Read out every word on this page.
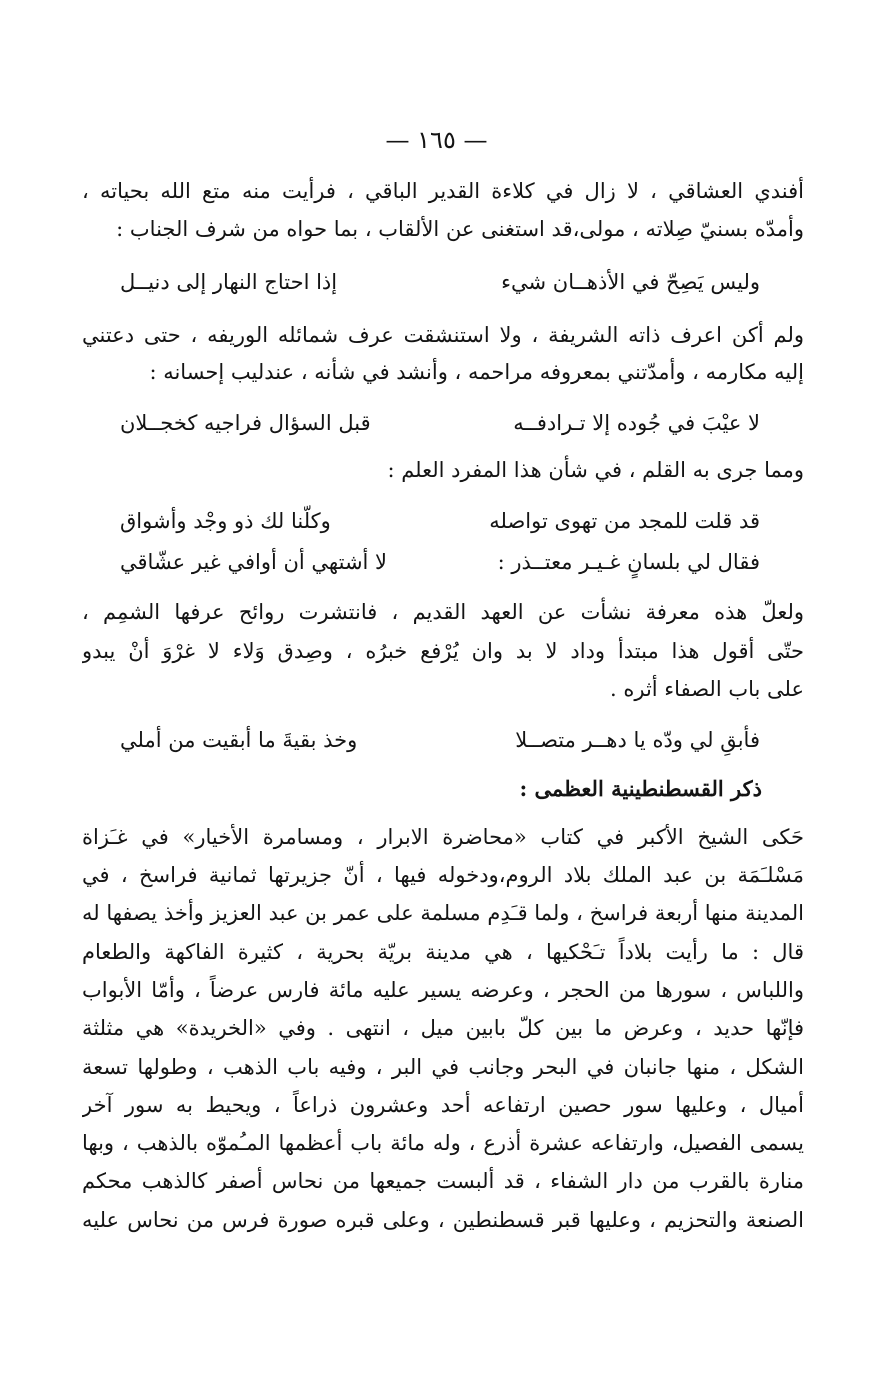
— ١٦٥ —
أفندي العشاقي ، لا زال في كلاءة القدير الباقي ، فرأيت منه متع الله بحياته ،
وأمدّه بسنيّ صِلاته ، مولى،قد استغنى عن الألقاب ، بما حواه من شرف الجناب :
وليس يَصِحّ في الأذهــان شيء
إذا احتاج النهار إلى دنيــل
ولم أكن اعرف ذاته الشريفة ، ولا استنشقت عرف شمائله الوريفه ، حتى دعتني
إليه مكارمه ، وأمدّتني بمعروفه مراحمه ، وأنشد في شأنه ، عندليب إحسانه :
لا عيْبَ في جُوده إلا تـرادفــه
قبل السؤال فراجيه كخجــلان
ومما جرى به القلم ، في شأن هذا المفرد العلم :
قد قلت للمجد من تهوى تواصله
وكلّنا لك ذو وجْد وأشواق
فقال لي بلسانٍ غـيـر معتــذر :
لا أشتهي أن أوافي غير عشّاقي
ولعلّ هذه معرفة نشأت عن العهد القديم ، فانتشرت روائح عرفها الشمِم ،
حتّى أقول هذا مبتدأ وداد لا بد وان يُرْفع خبرُه ، وصِدق وَلاء لا غرْوَ أنْ يبدو
على باب الصفاء أثره .
فأبقِ لي ودّه يا دهــر متصــلا
وخذ بقيةَ ما أبقيت من أملي
ذكر القسطنطينية العظمى :
حَكى الشيخ الأكبر في كتاب «محاضرة الابرار ، ومسامرة الأخيار» في غـَزاة
مَسْلـَمَة بن عبد الملك بلاد الروم،ودخوله فيها ، أنّ جزيرتها ثمانية فراسخ ، في
المدينة منها أربعة فراسخ ، ولما قـَدِم مسلمة على عمر بن عبد العزيز وأخذ يصفها له
قال : ما رأيت بلاداً تـَحْكيها ، هي مدينة بريّة بحرية ، كثيرة الفاكهة والطعام
واللباس ، سورها من الحجر ، وعرضه يسير عليه مائة فارس عرضاً ، وأمّا الأبواب
فإنّها حديد ، وعرض ما بين كلّ بابين ميل ، انتهى . وفي «الخريدة» هي مثلثة
الشكل ، منها جانبان في البحر وجانب في البر ، وفيه باب الذهب ، وطولها تسعة
أميال ، وعليها سور حصين ارتفاعه أحد وعشرون ذراعاً ، ويحيط به سور آخر
يسمى الفصيل، وارتفاعه عشرة أذرع ، وله مائة باب أعظمها المـُموّه بالذهب ، وبها
منارة بالقرب من دار الشفاء ، قد ألبست جميعها من نحاس أصفر كالذهب محكم
الصنعة والتحزيم ، وعليها قبر قسطنطين ، وعلى قبره صورة فرس من نحاس عليه
